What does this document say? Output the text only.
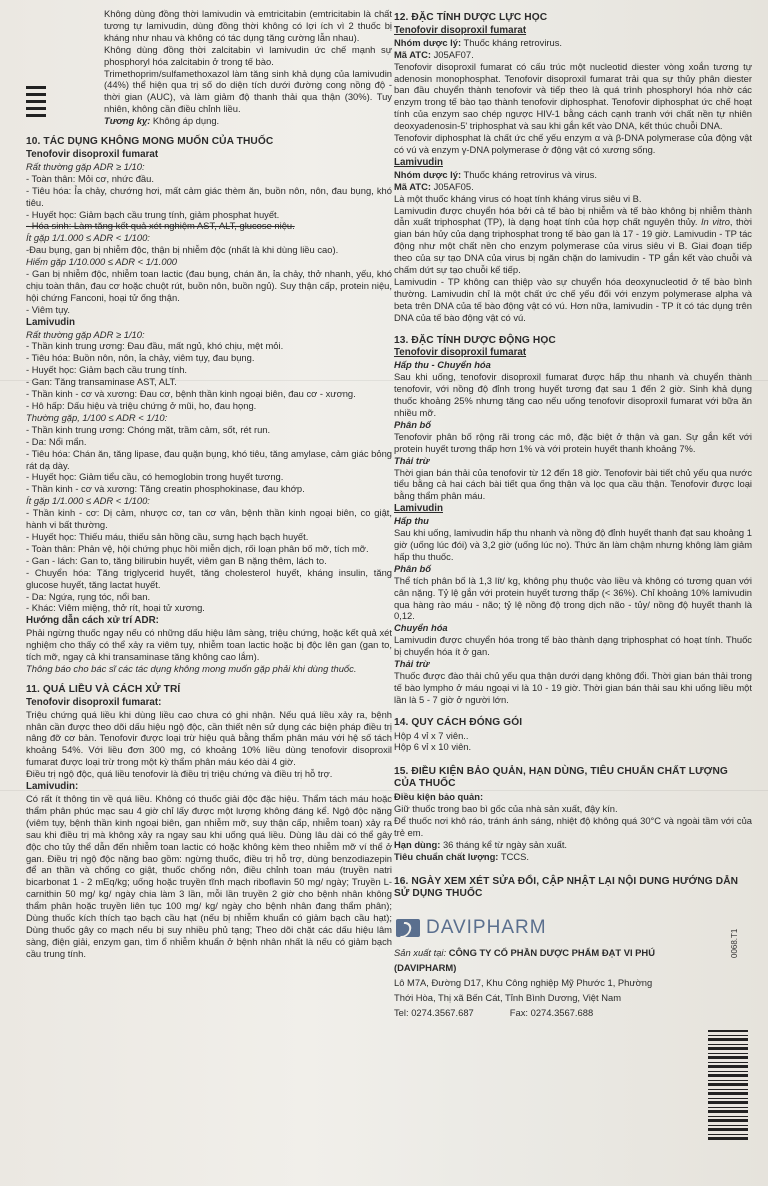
Không dùng đồng thời lamivudin và emtricitabin (emtricitabin là chất tương tự lamivudin, dùng đồng thời không có lợi ích vì 2 thuốc bị kháng như nhau và không có tác dụng tăng cường lẫn nhau).

Không dùng đồng thời zalcitabin vì lamivudin ức chế mạnh sự phosphoryl hóa zalcitabin ở trong tế bào.

Trimethoprim/sulfamethoxazol làm tăng sinh khả dụng của lamivudin (44%) thể hiện qua trị số do diện tích dưới đường cong nồng độ - thời gian (AUC), và làm giảm độ thanh thải qua thận (30%). Tuy nhiên, không cần điều chỉnh liều.

Tương kỵ: Không áp dụng.

10. TÁC DỤNG KHÔNG MONG MUỐN CỦA THUỐC
Tenofovir disoproxil fumarat

Rất thường gặp ADR ≥ 1/10:

- Toàn thân: Mỏi cơ, nhức đầu.

- Tiêu hóa: Ỉa chảy, chướng hơi, mất cảm giác thèm ăn, buồn nôn, nôn, đau bụng, khó tiêu.

- Huyết học: Giảm bạch cầu trung tính, giảm phosphat huyết.

- Hóa sinh: Làm tăng kết quả xét nghiệm AST, ALT, glucose niệu.

Ít gặp 1/1.000 ≤ ADR < 1/100:

-Đau bụng, gan bị nhiễm độc, thận bị nhiễm độc (nhất là khi dùng liều cao).

Hiếm gặp 1/10.000 ≤ ADR < 1/1.000

- Gan bị nhiễm độc, nhiễm toan lactic (đau bụng, chán ăn, ỉa chảy, thở nhanh, yếu, khó chịu toàn thân, đau cơ hoặc chuột rút, buồn nôn, buồn ngủ). Suy thận cấp, protein niệu, hội chứng Fanconi, hoại tử ống thận.

- Viêm tụy.

Lamivudin

Rất thường gặp ADR ≥ 1/10:

- Thần kinh trung ương: Đau đầu, mất ngủ, khó chịu, mệt mỏi.

- Tiêu hóa: Buồn nôn, nôn, ỉa chảy, viêm tụy, đau bụng.

- Huyết học: Giảm bạch cầu trung tính.

- Gan: Tăng transaminase AST, ALT.

- Thần kinh - cơ và xương: Đau cơ, bệnh thần kinh ngoại biên, đau cơ - xương.

- Hô hấp: Dấu hiệu và triệu chứng ở mũi, ho, đau họng.

Thường gặp, 1/100 ≤ ADR < 1/10:

- Thần kinh trung ương: Chóng mặt, trầm cảm, sốt, rét run.

- Da: Nổi mẩn.

- Tiêu hóa: Chán ăn, tăng lipase, đau quặn bụng, khó tiêu, tăng amylase, cảm giác bỏng rát dạ dày.

- Huyết học: Giảm tiểu cầu, có hemoglobin trong huyết tương.

- Thần kinh - cơ và xương: Tăng creatin phosphokinase, đau khớp.

Ít gặp 1/1.000 ≤ ADR < 1/100:

- Thần kinh - cơ: Dị cảm, nhược cơ, tan cơ vân, bệnh thần kinh ngoại biên, co giật, hành vi bất thường.

- Huyết học: Thiếu máu, thiếu sản hồng cầu, sưng hạch bạch huyết.

- Toàn thân: Phản vệ, hội chứng phục hồi miễn dịch, rối loạn phân bố mỡ, tích mỡ.

- Gan - lách: Gan to, tăng bilirubin huyết, viêm gan B nặng thêm, lách to.

- Chuyển hóa: Tăng triglycerid huyết, tăng cholesterol huyết, kháng insulin, tăng glucose huyết, tăng lactat huyết.

- Da: Ngứa, rụng tóc, nổi ban.

- Khác: Viêm miệng, thở rít, hoại tử xương.

Hướng dẫn cách xử trí ADR:

Phải ngừng thuốc ngay nếu có những dấu hiệu lâm sàng, triệu chứng, hoặc kết quả xét nghiệm cho thấy có thể xảy ra viêm tụy, nhiễm toan lactic hoặc bị độc lên gan (gan to, tích mỡ, ngay cả khi transaminase tăng không cao lắm).

Thông báo cho bác sĩ các tác dụng không mong muốn gặp phải khi dùng thuốc.

11. QUÁ LIỀU VÀ CÁCH XỬ TRÍ
Tenofovir disoproxil fumarat:

Triệu chứng quá liều khi dùng liều cao chưa có ghi nhận. Nếu quá liều xảy ra, bệnh nhân cần được theo dõi dấu hiệu ngộ độc, cần thiết nên sử dụng các biện pháp điều trị nâng đỡ cơ bản. Tenofovir được loại trừ hiệu quả bằng thẩm phân máu với hệ số tách khoảng 54%. Với liều đơn 300 mg, có khoảng 10% liều dùng tenofovir disoproxil fumarat được loại trừ trong một kỳ thẩm phân máu kéo dài 4 giờ.

Điều trị ngộ độc, quá liều tenofovir là điều trị triệu chứng và điều trị hỗ trợ.

Lamivudin:

Có rất ít thông tin về quá liều. Không có thuốc giải độc đặc hiệu. Thẩm tách máu hoặc thẩm phân phúc mạc sau 4 giờ chỉ lấy được một lượng không đáng kể. Ngộ độc nặng (viêm tụy, bệnh thần kinh ngoại biên, gan nhiễm mỡ, suy thận cấp, nhiễm toan) xảy ra sau khi điều trị mà không xảy ra ngay sau khi uống quá liều. Dùng lâu dài có thể gây độc cho tủy thể dẫn đến nhiễm toan lactic có hoặc không kèm theo nhiễm mỡ ví thể ở gan. Điều trị ngộ độc nặng bao gồm: ngừng thuốc, điều trị hỗ trợ, dùng benzodiazepin để an thần và chống co giật, thuốc chống nôn, điều chỉnh toan máu (truyền natri bicarbonat 1 - 2 mEq/kg; uống hoặc truyền tĩnh mạch riboflavin 50 mg/ ngày; Truyền L-carnithin 50 mg/ kg/ ngày chia làm 3 lần, mỗi lần truyền 2 giờ cho bệnh nhân không thẩm phân hoặc truyền liên tục 100 mg/ kg/ ngày cho bệnh nhân đang thẩm phân); Dùng thuốc kích thích tạo bạch cầu hạt (nếu bị nhiễm khuẩn có giảm bạch cầu hạt); Dùng thuốc gây co mạch nếu bị suy nhiều phủ tạng; Theo dõi chặt các dấu hiệu lâm sàng, điện giải, enzym gan, tìm ổ nhiễm khuẩn ở bệnh nhân nhất là nếu có giảm bạch cầu trung tính.

12. ĐẶC TÍNH DƯỢC LỰC HỌC
Tenofovir disoproxil fumarat

Nhóm dược lý: Thuốc kháng retrovirus.

Mã ATC: J05AF07.

Tenofovir disoproxil fumarat có cấu trúc một nucleotid diester vòng xoắn tương tự adenosin monophosphat. Tenofovir disoproxil fumarat trải qua sự thủy phân diester ban đầu chuyển thành tenofovir và tiếp theo là quá trình phosphoryl hóa nhờ các enzym trong tế bào tạo thành tenofovir diphosphat. Tenofovir diphosphat ức chế hoạt tính của enzym sao chép ngược HIV-1 bằng cách cạnh tranh với chất nền tự nhiên deoxyadenosin-5' triphosphat và sau khi gắn kết vào DNA, kết thúc chuỗi DNA.

Tenofovir diphosphat là chất ức chế yếu enzym α và β-DNA polymerase của động vật có vú và enzym γ-DNA polymerase ở động vật có xương sống.

Lamivudin

Nhóm dược lý: Thuốc kháng retrovirus và virus.

Mã ATC: J05AF05.

Là một thuốc kháng virus có hoạt tính kháng virus siêu vi B.

Lamivudin được chuyển hóa bởi cả tế bào bị nhiễm và tế bào không bị nhiễm thành dẫn xuất triphosphat (TP), là dạng hoạt tính của hợp chất nguyên thủy. In vitro, thời gian bán hủy của dạng triphosphat trong tế bào gan là 17 - 19 giờ. Lamivudin - TP tác động như một chất nền cho enzym polymerase của virus siêu vi B. Giai đoạn tiếp theo của sự tạo DNA của virus bị ngăn chặn do lamivudin - TP gắn kết vào chuỗi và chấm dứt sự tạo chuỗi kế tiếp.

Lamivudin - TP không can thiệp vào sự chuyển hóa deoxynucleotid ở tế bào bình thường. Lamivudin chỉ là một chất ức chế yếu đối với enzym polymerase alpha và beta trên DNA của tế bào động vật có vú. Hơn nữa, lamivudin - TP ít có tác dụng trên DNA của tế bào động vật có vú.

13. ĐẶC TÍNH DƯỢC ĐỘNG HỌC
Tenofovir disoproxil fumarat
Hấp thu - Chuyển hóa

Sau khi uống, tenofovir disoproxil fumarat được hấp thu nhanh và chuyển thành tenofovir, với nồng độ đỉnh trong huyết tương đạt sau 1 đến 2 giờ. Sinh khả dụng thuốc khoảng 25% nhưng tăng cao nếu uống tenofovir disoproxil fumarat với bữa ăn nhiều mỡ.

Phân bố

Tenofovir phân bố rộng rãi trong các mô, đặc biệt ở thận và gan. Sự gắn kết với protein huyết tương thấp hơn 1% và với protein huyết thanh khoảng 7%.

Thải trừ

Thời gian bán thải của tenofovir từ 12 đến 18 giờ. Tenofovir bài tiết chủ yếu qua nước tiểu bằng cả hai cách bài tiết qua ống thận và lọc qua cầu thận. Tenofovir được loại bằng thẩm phân máu.

Lamivudin
Hấp thu

Sau khi uống, lamivudin hấp thu nhanh và nồng độ đỉnh huyết thanh đạt sau khoảng 1 giờ (uống lúc đói) và 3,2 giờ (uống lúc no). Thức ăn làm chậm nhưng không làm giảm hấp thu thuốc.

Phân bố

Thể tích phân bố là 1,3 lít/ kg, không phụ thuộc vào liều và không có tương quan với cân nặng. Tỷ lệ gắn với protein huyết tương thấp (< 36%). Chỉ khoảng 10% lamivudin qua hàng rào máu - não; tỷ lệ nồng độ trong dịch não - tủy/ nồng độ huyết thanh là 0,12.

Chuyển hóa

Lamivudin được chuyển hóa trong tế bào thành dạng triphosphat có hoạt tính. Thuốc bị chuyển hóa ít ở gan.

Thải trừ

Thuốc được đào thải chủ yếu qua thận dưới dạng không đổi. Thời gian bán thải trong tế bào lympho ở máu ngoại vi là 10 - 19 giờ. Thời gian bán thải sau khi uống liều một lần là 5 - 7 giờ ở người lớn.

14. QUY CÁCH ĐÓNG GÓI

Hộp 4 vỉ x 7 viên..

Hộp 6 vỉ x 10 viên.

15. ĐIỀU KIỆN BẢO QUẢN, HẠN DÙNG, TIÊU CHUẨN CHẤT LƯỢNG CỦA THUỐC
Điều kiện bảo quản:

Giữ thuốc trong bao bì gốc của nhà sản xuất, đậy kín.

Để thuốc nơi khô ráo, tránh ánh sáng, nhiệt độ không quá 30°C và ngoài tầm với của trẻ em.

Hạn dùng: 36 tháng kể từ ngày sản xuất.

Tiêu chuẩn chất lượng: TCCS.

16. NGÀY XEM XÉT SỬA ĐỔI, CẬP NHẬT LẠI NỘI DUNG HƯỚNG DẪN SỬ DỤNG THUỐC
DAVIPHARM

Sản xuất tại: CÔNG TY CỔ PHẦN DƯỢC PHẨM ĐẠT VI PHÚ

(DAVIPHARM)

Lô M7A, Đường D17, Khu Công nghiệp Mỹ Phước 1, Phường

Thới Hòa, Thị xã Bến Cát, Tỉnh Bình Dương, Việt Nam

Tel: 0274.3567.687	Fax: 0274.3567.688

0068.T1
